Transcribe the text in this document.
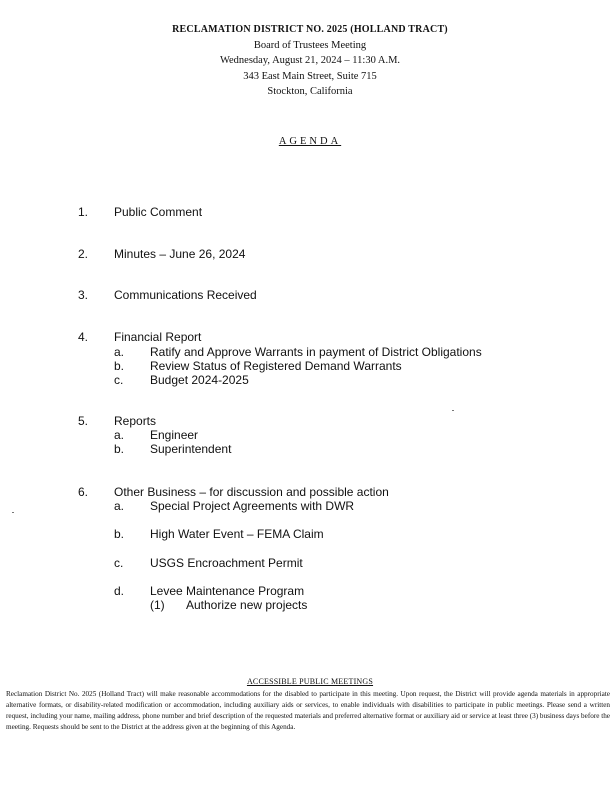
RECLAMATION DISTRICT NO. 2025 (HOLLAND TRACT)
Board of Trustees Meeting
Wednesday, August 21, 2024 – 11:30 A.M.
343 East Main Street, Suite 715
Stockton, California
AGENDA
1. Public Comment
2. Minutes – June 26, 2024
3. Communications Received
4. Financial Report
a. Ratify and Approve Warrants in payment of District Obligations
b. Review Status of Registered Demand Warrants
c. Budget 2024-2025
5. Reports
a. Engineer
b. Superintendent
6. Other Business – for discussion and possible action
a. Special Project Agreements with DWR
b. High Water Event – FEMA Claim
c. USGS Encroachment Permit
d. Levee Maintenance Program
(1) Authorize new projects
ACCESSIBLE PUBLIC MEETINGS
Reclamation District No. 2025 (Holland Tract) will make reasonable accommodations for the disabled to participate in this meeting. Upon request, the District will provide agenda materials in appropriate alternative formats, or disability-related modification or accommodation, including auxiliary aids or services, to enable individuals with disabilities to participate in public meetings. Please send a written request, including your name, mailing address, phone number and brief description of the requested materials and preferred alternative format or auxiliary aid or service at least three (3) business days before the meeting. Requests should be sent to the District at the address given at the beginning of this Agenda.
